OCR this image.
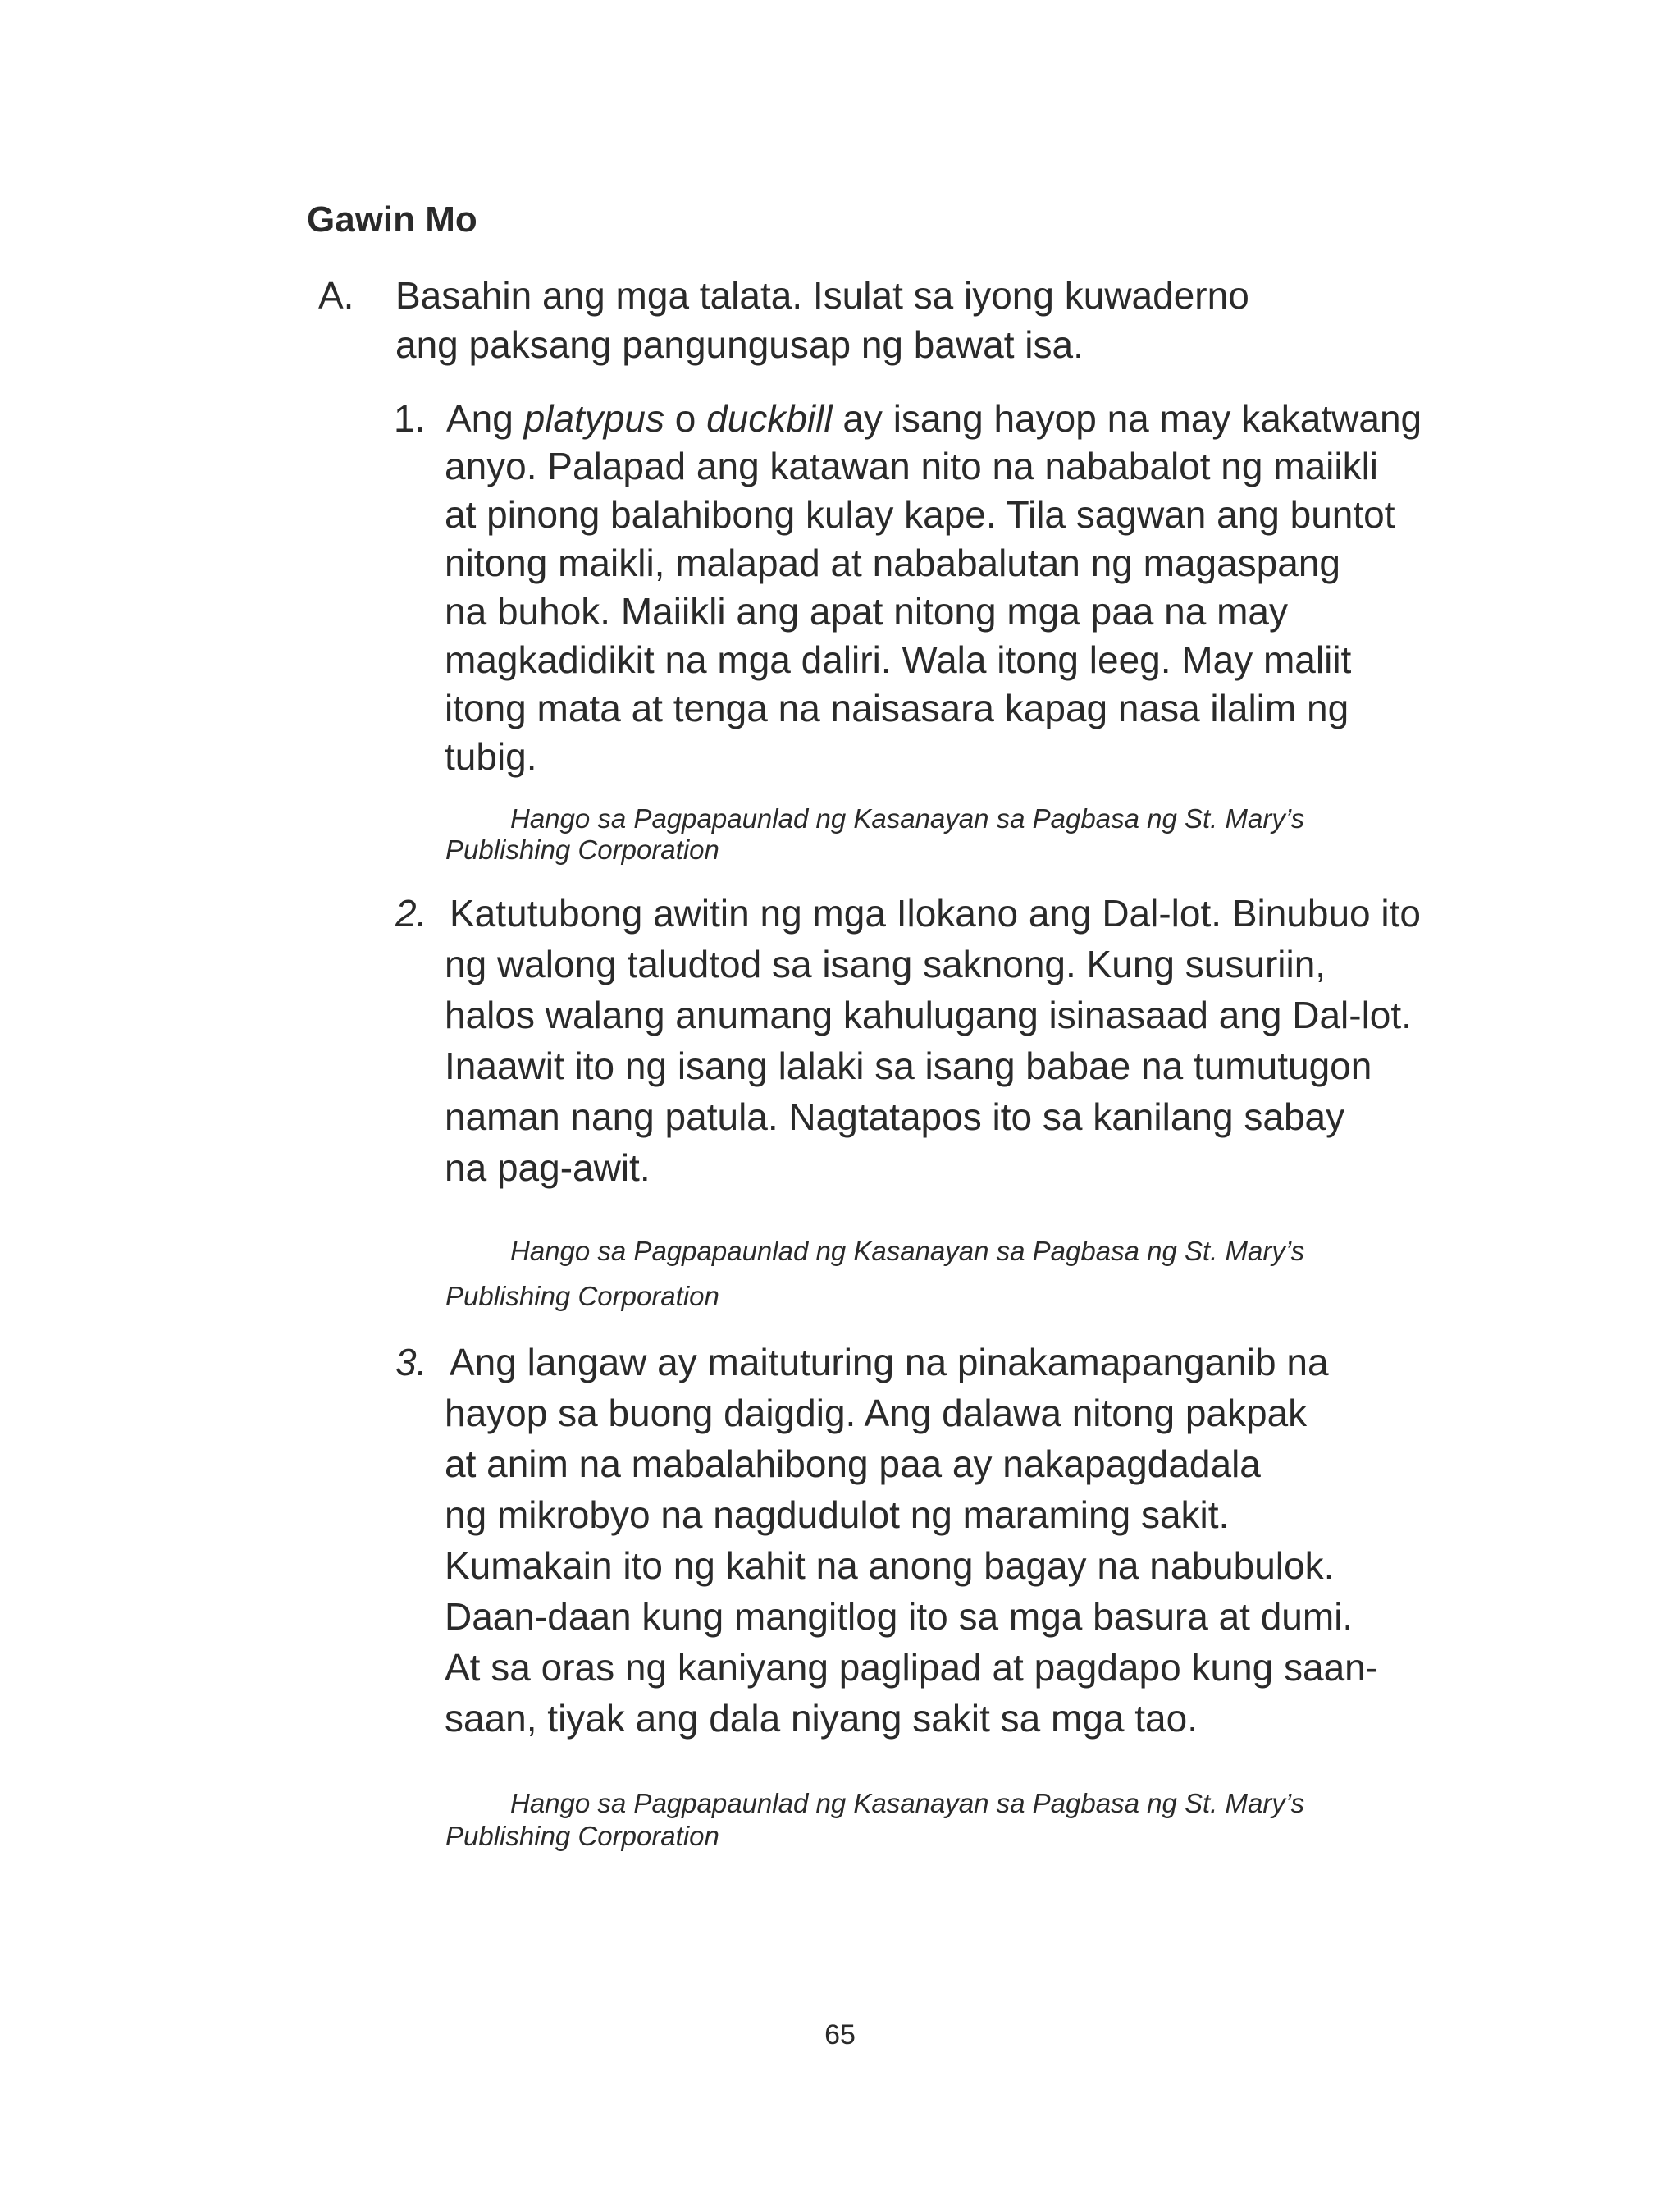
Gawin Mo
A. Basahin ang mga talata. Isulat sa iyong kuwaderno
ang paksang pangungusap ng bawat isa.
1. Ang platypus o duckbill ay isang hayop na may kakatwang
anyo. Palapad ang katawan nito na nababalot ng maiikli
at pinong balahibong kulay kape. Tila sagwan ang buntot
nitong maikli, malapad at nababalutan ng magaspang
na buhok. Maiikli ang apat nitong mga paa na may
magkadidikit na mga daliri. Wala itong leeg. May maliit
itong mata at tenga na naisasara kapag nasa ilalim ng
tubig.
Hango sa Pagpapaunlad ng Kasanayan sa Pagbasa ng St. Mary’s
Publishing Corporation
2. Katutubong awitin ng mga Ilokano ang Dal-lot. Binubuo ito
ng walong taludtod sa isang saknong. Kung susuriin,
halos walang anumang kahulugang isinasaad ang Dal-lot.
Inaawit ito ng isang lalaki sa isang babae na tumutugon
naman nang patula. Nagtatapos ito sa kanilang sabay
na pag-awit.
Hango sa Pagpapaunlad ng Kasanayan sa Pagbasa ng St. Mary’s
Publishing Corporation
3. Ang langaw ay maituturing na pinakamapanganib na
hayop sa buong daigdig. Ang dalawa nitong pakpak
at anim na mabalahibong paa ay nakapagdadala
ng mikrobyo na nagdudulot ng maraming sakit.
Kumakain ito ng kahit na anong bagay na nabubulok.
Daan-daan kung mangitlog ito sa mga basura at dumi.
At sa oras ng kaniyang paglipad at pagdapo kung saan-
saan, tiyak ang dala niyang sakit sa mga tao.
Hango sa Pagpapaunlad ng Kasanayan sa Pagbasa ng St. Mary’s
Publishing Corporation
65
